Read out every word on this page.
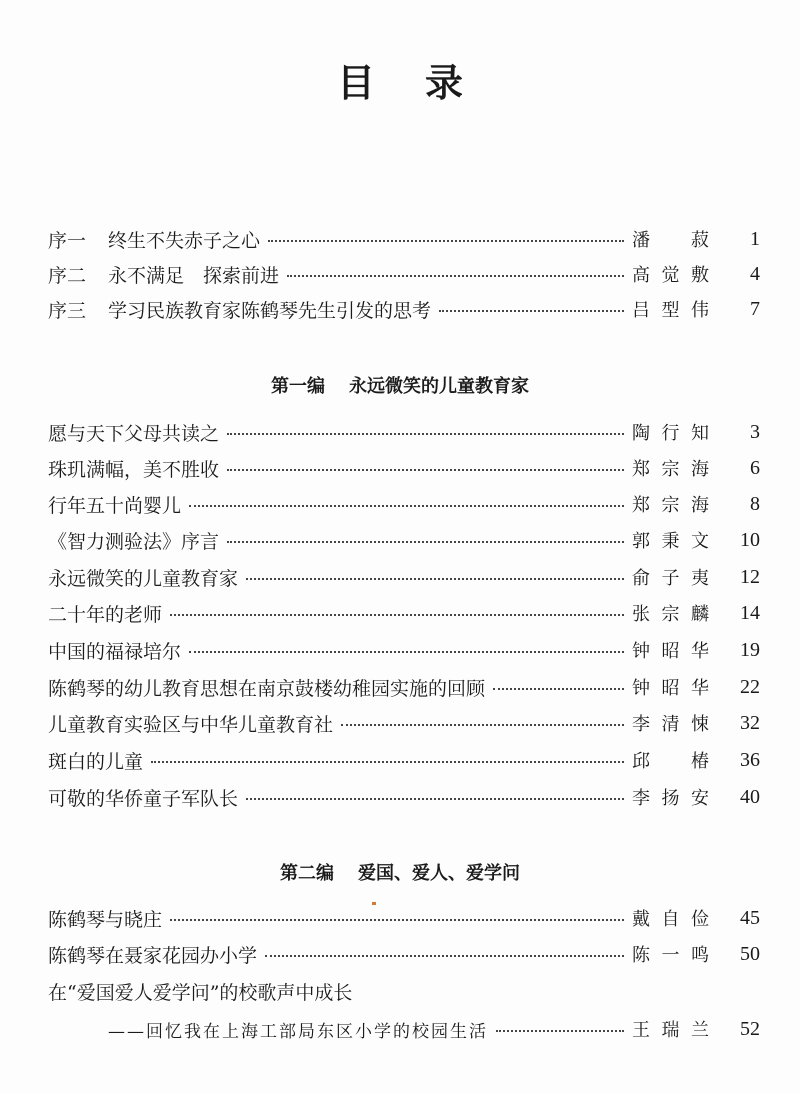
目录
序一 终生不失赤子之心	潘 菽	1
序二 永不满足　探索前进	高觉敷	4
序三 学习民族教育家陈鹤琴先生引发的思考	吕型伟	7
第一编 永远微笑的儿童教育家
愿与天下父母共读之	陶行知	3
珠玑满幅，美不胜收	郑宗海	6
行年五十尚婴儿	郑宗海	8
《智力测验法》序言	郭秉文	10
永远微笑的儿童教育家	俞子夷	12
二十年的老师	张宗麟	14
中国的福禄培尔	钟昭华	19
陈鹤琴的幼儿教育思想在南京鼓楼幼稚园实施的回顾	钟昭华	22
儿童教育实验区与中华儿童教育社	李清悚	32
斑白的儿童	邱 椿	36
可敬的华侨童子军队长	李扬安	40
第二编 爱国、爱人、爱学问
陈鹤琴与晓庄	戴自俭	45
陈鹤琴在聂家花园办小学	陈一鸣	50
在“爱国爱人爱学问”的校歌声中成长
——回忆我在上海工部局东区小学的校园生活	王瑞兰	52
